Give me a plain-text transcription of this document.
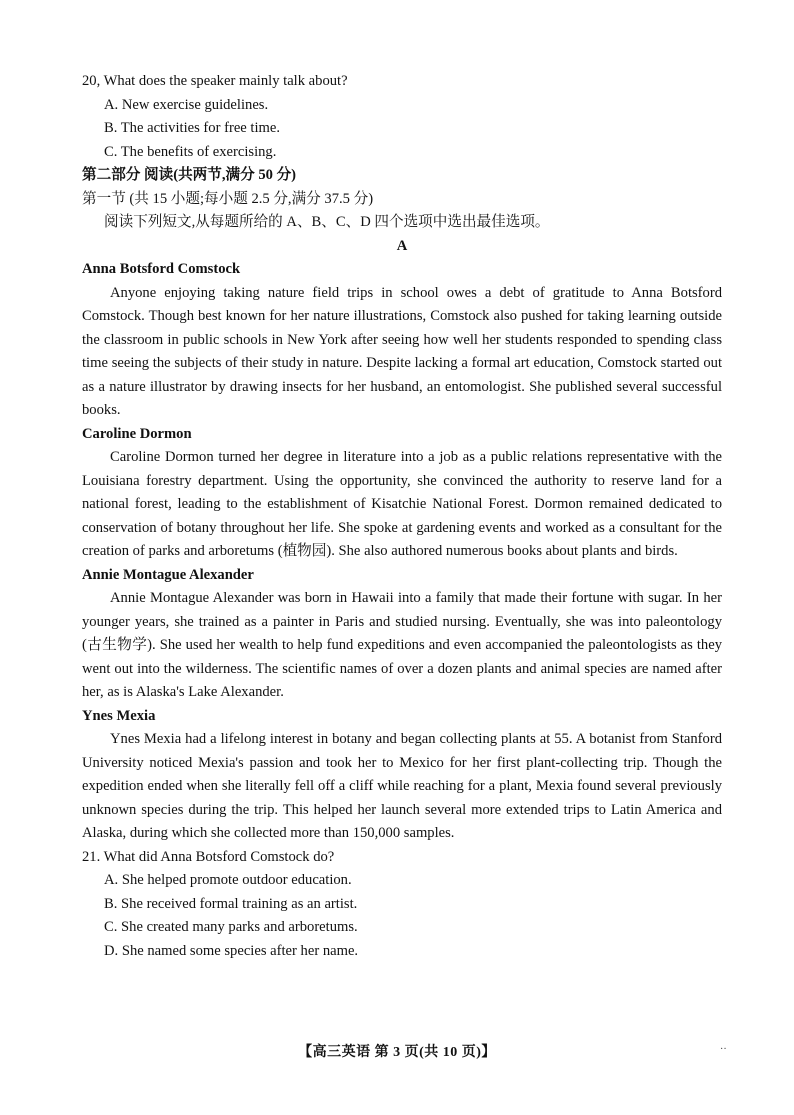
20, What does the speaker mainly talk about?
A. New exercise guidelines.
B. The activities for free time.
C. The benefits of exercising.
第二部分 阅读(共两节,满分 50 分)
第一节 (共 15 小题;每小题 2.5 分,满分 37.5 分)
阅读下列短文,从每题所给的 A、B、C、D 四个选项中选出最佳选项。
A
Anna Botsford Comstock
Anyone enjoying taking nature field trips in school owes a debt of gratitude to Anna Botsford Comstock. Though best known for her nature illustrations, Comstock also pushed for taking learning outside the classroom in public schools in New York after seeing how well her students responded to spending class time seeing the subjects of their study in nature. Despite lacking a formal art education, Comstock started out as a nature illustrator by drawing insects for her husband, an entomologist. She published several successful books.
Caroline Dormon
Caroline Dormon turned her degree in literature into a job as a public relations representative with the Louisiana forestry department. Using the opportunity, she convinced the authority to reserve land for a national forest, leading to the establishment of Kisatchie National Forest. Dormon remained dedicated to conservation of botany throughout her life. She spoke at gardening events and worked as a consultant for the creation of parks and arboretums (植物园). She also authored numerous books about plants and birds.
Annie Montague Alexander
Annie Montague Alexander was born in Hawaii into a family that made their fortune with sugar. In her younger years, she trained as a painter in Paris and studied nursing. Eventually, she was into paleontology (古生物学). She used her wealth to help fund expeditions and even accompanied the paleontologists as they went out into the wilderness. The scientific names of over a dozen plants and animal species are named after her, as is Alaska's Lake Alexander.
Ynes Mexia
Ynes Mexia had a lifelong interest in botany and began collecting plants at 55. A botanist from Stanford University noticed Mexia's passion and took her to Mexico for her first plant-collecting trip. Though the expedition ended when she literally fell off a cliff while reaching for a plant, Mexia found several previously unknown species during the trip. This helped her launch several more extended trips to Latin America and Alaska, during which she collected more than 150,000 samples.
21. What did Anna Botsford Comstock do?
A. She helped promote outdoor education.
B. She received formal training as an artist.
C. She created many parks and arboretums.
D. She named some species after her name.
【高三英语 第 3 页(共 10 页)】	··
